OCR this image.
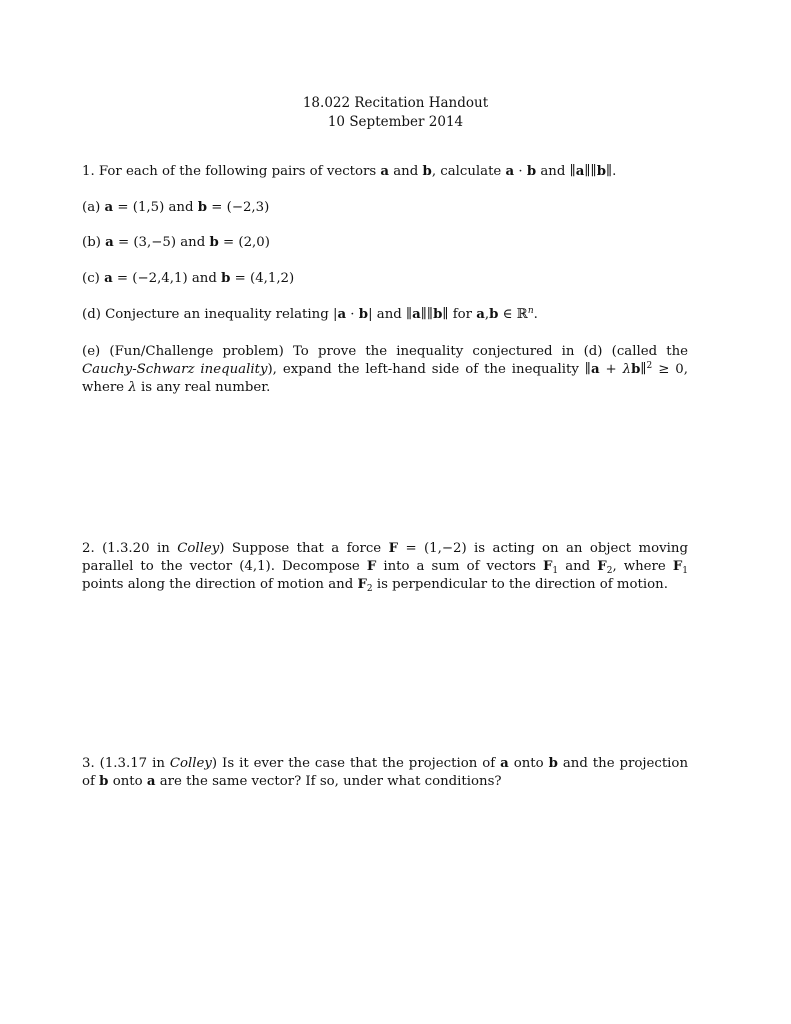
18.022 Recitation Handout
10 September 2014
1. For each of the following pairs of vectors a and b, calculate a · b and ∥a∥∥b∥.
(a) a = (1,5) and b = (−2,3)
(b) a = (3,−5) and b = (2,0)
(c) a = (−2,4,1) and b = (4,1,2)
(d) Conjecture an inequality relating |a · b| and ∥a∥∥b∥ for a,b ∈ ℝ$^n$.
(e) (Fun/Challenge problem) To prove the inequality conjectured in (d) (called the Cauchy-Schwarz inequality), expand the left-hand side of the inequality ∥a + λb∥$^2$ ≥ 0, where λ is any real number.
2. (1.3.20 in Colley) Suppose that a force F = (1,−2) is acting on an object moving parallel to the vector (4,1). Decompose F into a sum of vectors $F_1$ and $F_2$, where $F_1$ points along the direction of motion and $F_2$ is perpendicular to the direction of motion.
3. (1.3.17 in Colley) Is it ever the case that the projection of a onto b and the projection of b onto a are the same vector? If so, under what conditions?
